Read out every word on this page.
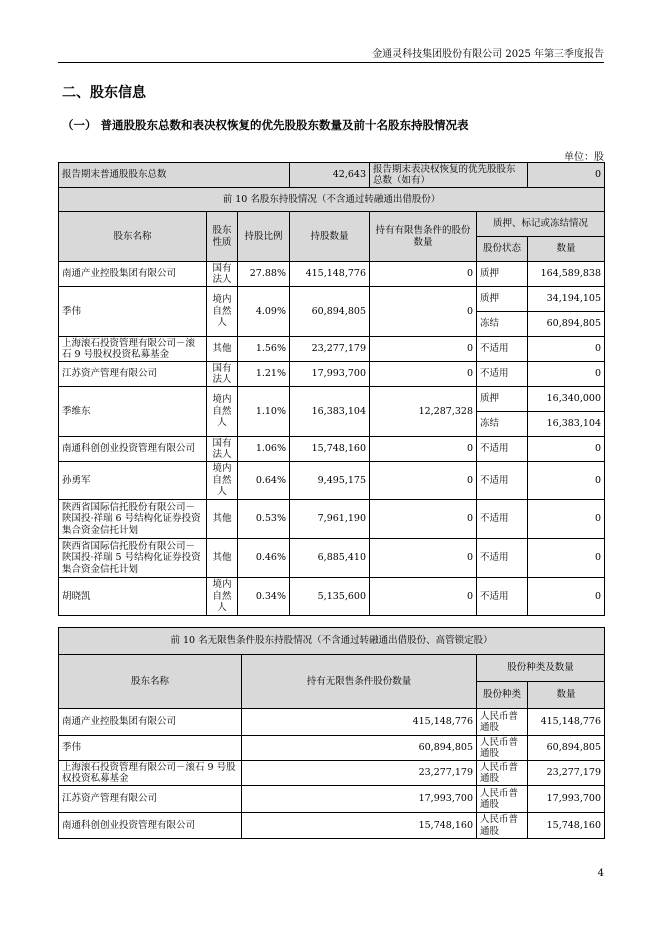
金通灵科技集团股份有限公司 2025 年第三季度报告
二、股东信息
（一） 普通股股东总数和表决权恢复的优先股股东数量及前十名股东持股情况表
单位：股
报告期末普通股股东总数			42,643	报告期末表决权恢复的优先股股东总数（如有）		0
前 10 名股东持股情况（不含通过转融通出借股份）						
股东名称	股东性质	持股比例	持股数量	持有有限售条件的股份数量	质押、标记或冻结情况	
					股份状态	数量
南通产业控股集团有限公司	国有法人	27.88%	415,148,776	0	质押	164,589,838
季伟	境内自然人	4.09%	60,894,805	0	质押	34,194,105
					冻结	60,894,805
上海滚石投资管理有限公司－滚石 9 号股权投资私募基金	其他	1.56%	23,277,179	0	不适用	0
江苏资产管理有限公司	国有法人	1.21%	17,993,700	0	不适用	0
季维东	境内自然人	1.10%	16,383,104	12,287,328	质押	16,340,000
					冻结	16,383,104
南通科创创业投资管理有限公司	国有法人	1.06%	15,748,160	0	不适用	0
孙勇军	境内自然人	0.64%	9,495,175	0	不适用	0
陕西省国际信托股份有限公司－陕国投·祥瑞 6 号结构化证券投资集合资金信托计划	其他	0.53%	7,961,190	0	不适用	0
陕西省国际信托股份有限公司－陕国投·祥瑞 5 号结构化证券投资集合资金信托计划	其他	0.46%	6,885,410	0	不适用	0
胡晓凯	境内自然人	0.34%	5,135,600	0	不适用	0
前 10 名无限售条件股东持股情况（不含通过转融通出借股份、高管锁定股）			
股东名称	持有无限售条件股份数量	股份种类及数量	
		股份种类	数量
南通产业控股集团有限公司	415,148,776	人民币普通股	415,148,776
季伟	60,894,805	人民币普通股	60,894,805
上海滚石投资管理有限公司－滚石 9 号股权投资私募基金	23,277,179	人民币普通股	23,277,179
江苏资产管理有限公司	17,993,700	人民币普通股	17,993,700
南通科创创业投资管理有限公司	15,748,160	人民币普通股	15,748,160
4
